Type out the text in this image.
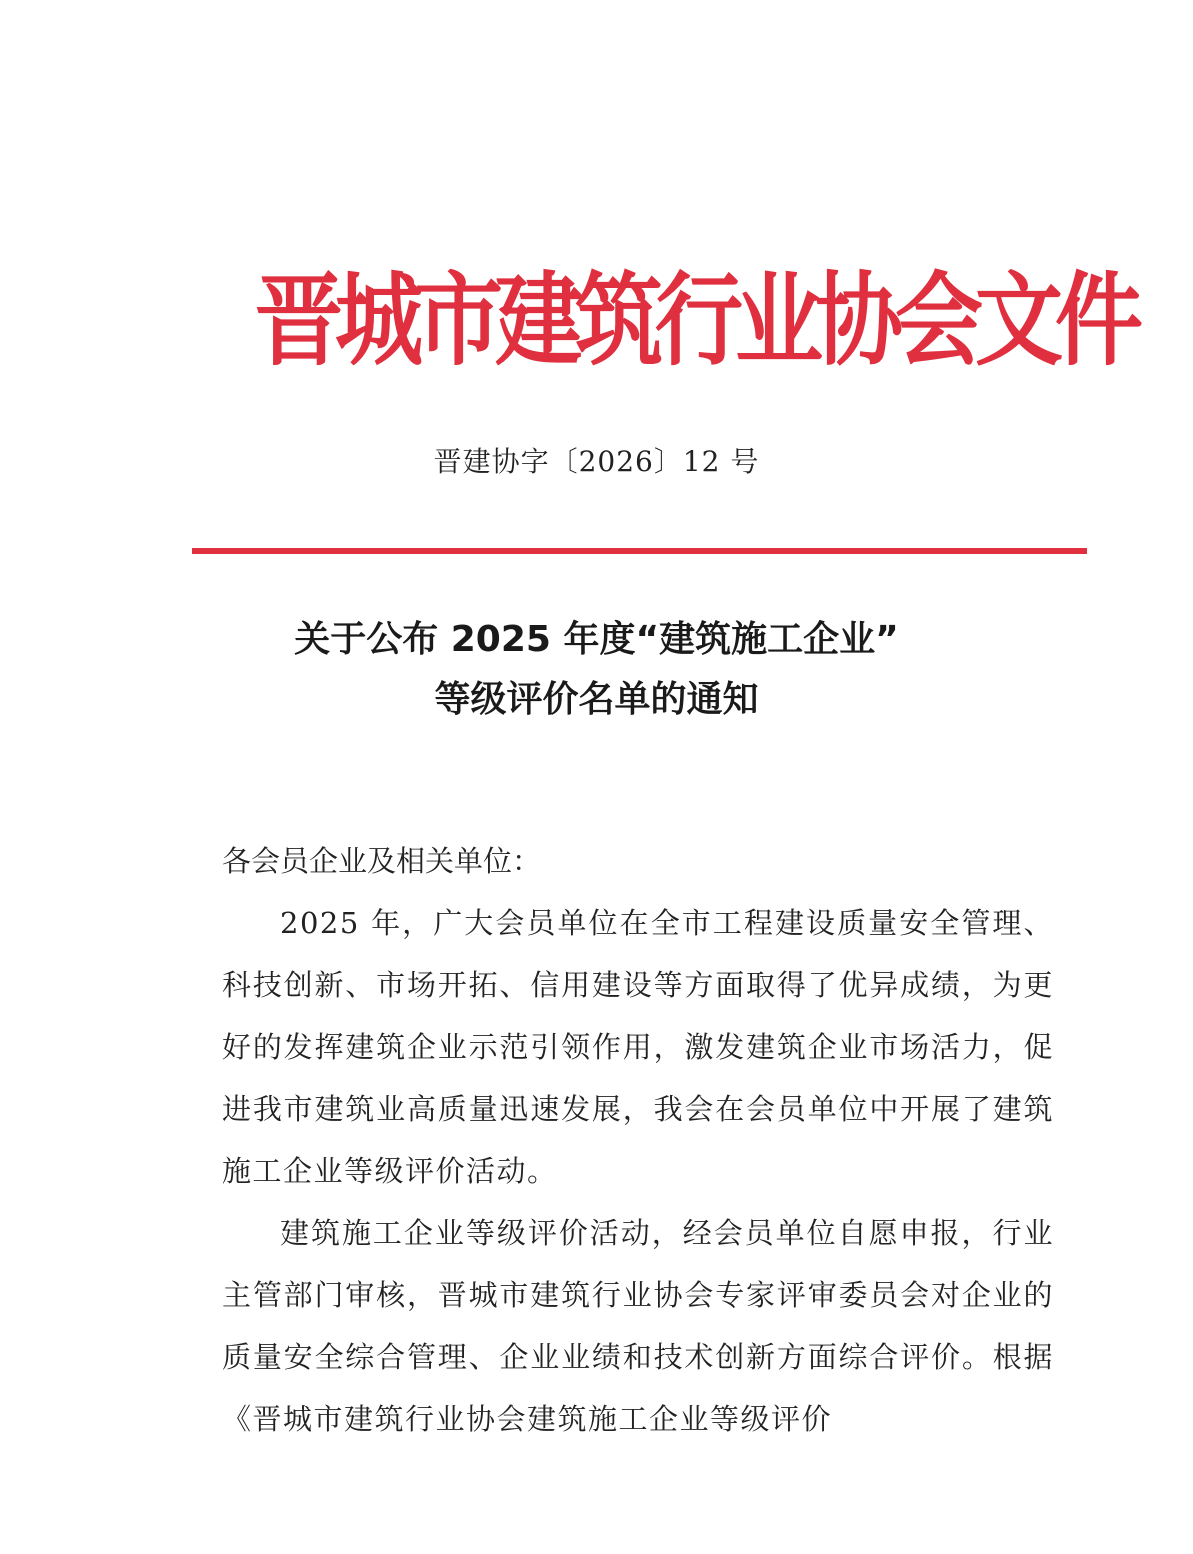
晋城市建筑行业协会文件
晋建协字〔2026〕12 号
关于公布 2025 年度“建筑施工企业”
等级评价名单的通知

各会员企业及相关单位：

2025 年，广大会员单位在全市工程建设质量安全管理、科技创新、市场开拓、信用建设等方面取得了优异成绩，为更好的发挥建筑企业示范引领作用，激发建筑企业市场活力，促进我市建筑业高质量迅速发展，我会在会员单位中开展了建筑施工企业等级评价活动。

建筑施工企业等级评价活动，经会员单位自愿申报，行业主管部门审核，晋城市建筑行业协会专家评审委员会对企业的质量安全综合管理、企业业绩和技术创新方面综合评价。根据《晋城市建筑行业协会建筑施工企业等级评价
